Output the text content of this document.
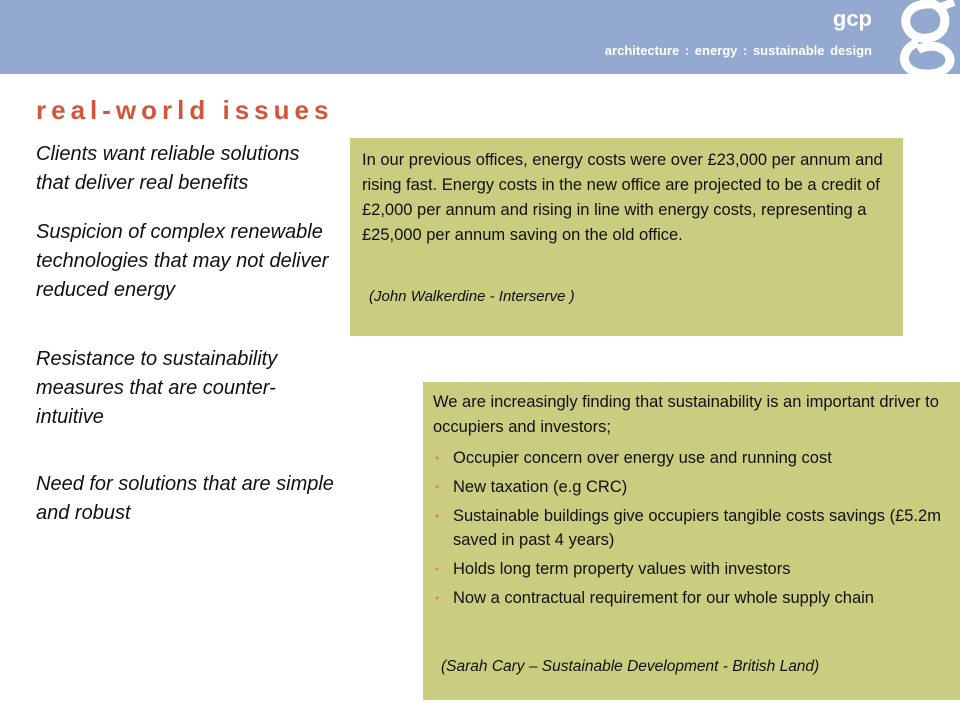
gcp
architecture : energy : sustainable design
real-world issues

Clients want reliable solutions that deliver real benefits

Suspicion of complex renewable technologies that may not deliver reduced energy

Resistance to sustainability measures that are counter-intuitive

Need for solutions that are simple and robust

In our previous offices, energy costs were over £23,000 per annum and rising fast. Energy costs in the new office are projected to be a credit of £2,000 per annum and rising in line with energy costs, representing a £25,000 per annum saving on the old office.
(John Walkerdine - Interserve )
We are increasingly finding that sustainability is an important driver to occupiers and investors;
• Occupier concern over energy use and running cost
• New taxation (e.g CRC)
• Sustainable buildings give occupiers tangible costs savings (£5.2m saved in past 4 years)
• Holds long term property values with investors
• Now a contractual requirement for our whole supply chain
(Sarah Cary – Sustainable Development - British Land)
